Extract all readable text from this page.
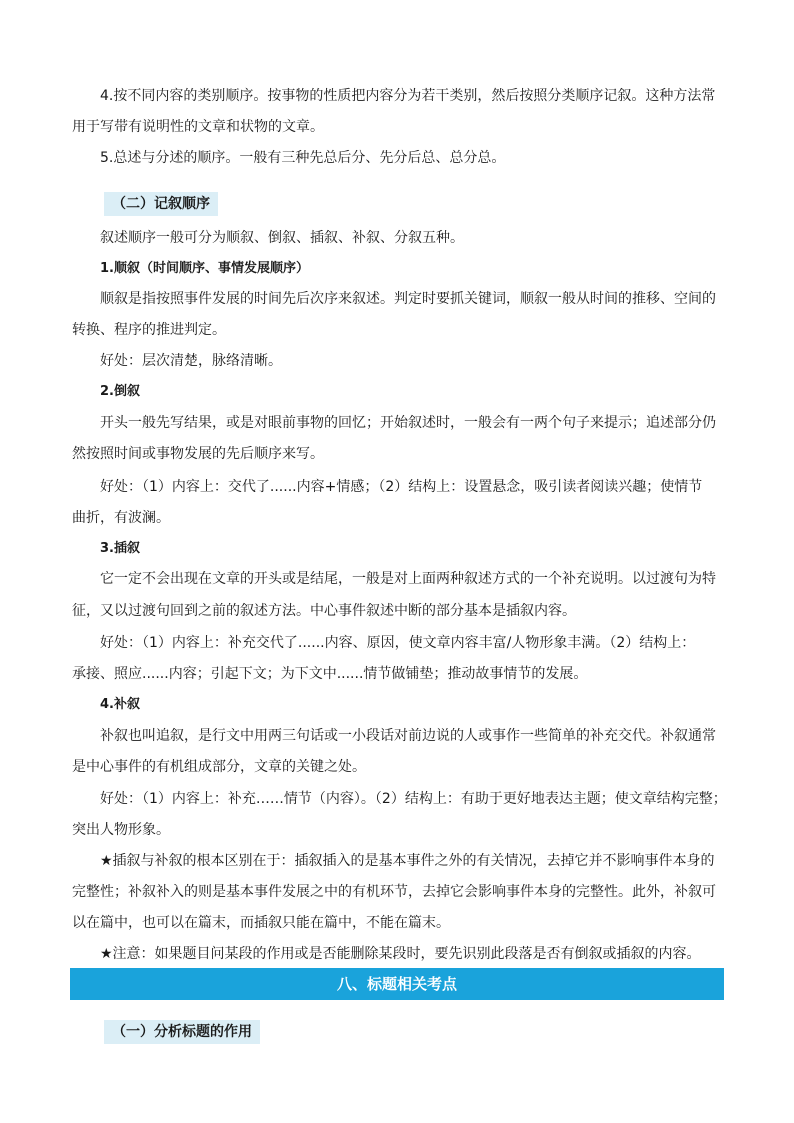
4.按不同内容的类别顺序。按事物的性质把内容分为若干类别，然后按照分类顺序记叙。这种方法常
用于写带有说明性的文章和状物的文章。
5.总述与分述的顺序。一般有三种先总后分、先分后总、总分总。
（二）记叙顺序
叙述顺序一般可分为顺叙、倒叙、插叙、补叙、分叙五种。
1.顺叙（时间顺序、事情发展顺序）
顺叙是指按照事件发展的时间先后次序来叙述。判定时要抓关键词，顺叙一般从时间的推移、空间的
转换、程序的推进判定。
好处：层次清楚，脉络清晰。
2.倒叙
开头一般先写结果，或是对眼前事物的回忆；开始叙述时，一般会有一两个句子来提示；追述部分仍
然按照时间或事物发展的先后顺序来写。
好处：（1）内容上：交代了......内容+情感；（2）结构上：设置悬念，吸引读者阅读兴趣；使情节
曲折，有波澜。
3.插叙
它一定不会出现在文章的开头或是结尾，一般是对上面两种叙述方式的一个补充说明。以过渡句为特
征，又以过渡句回到之前的叙述方法。中心事件叙述中断的部分基本是插叙内容。
好处：（1）内容上：补充交代了......内容、原因，使文章内容丰富/人物形象丰满。（2）结构上：
承接、照应......内容；引起下文；为下文中......情节做铺垫；推动故事情节的发展。
4.补叙
补叙也叫追叙，是行文中用两三句话或一小段话对前边说的人或事作一些简单的补充交代。补叙通常
是中心事件的有机组成部分，文章的关键之处。
好处：（1）内容上：补充……情节（内容）。（2）结构上：有助于更好地表达主题；使文章结构完整；
突出人物形象。
★插叙与补叙的根本区别在于：插叙插入的是基本事件之外的有关情况，去掉它并不影响事件本身的
完整性；补叙补入的则是基本事件发展之中的有机环节，去掉它会影响事件本身的完整性。此外，补叙可
以在篇中，也可以在篇末，而插叙只能在篇中，不能在篇末。
★注意：如果题目问某段的作用或是否能删除某段时，要先识别此段落是否有倒叙或插叙的内容。
八、标题相关考点
（一）分析标题的作用
